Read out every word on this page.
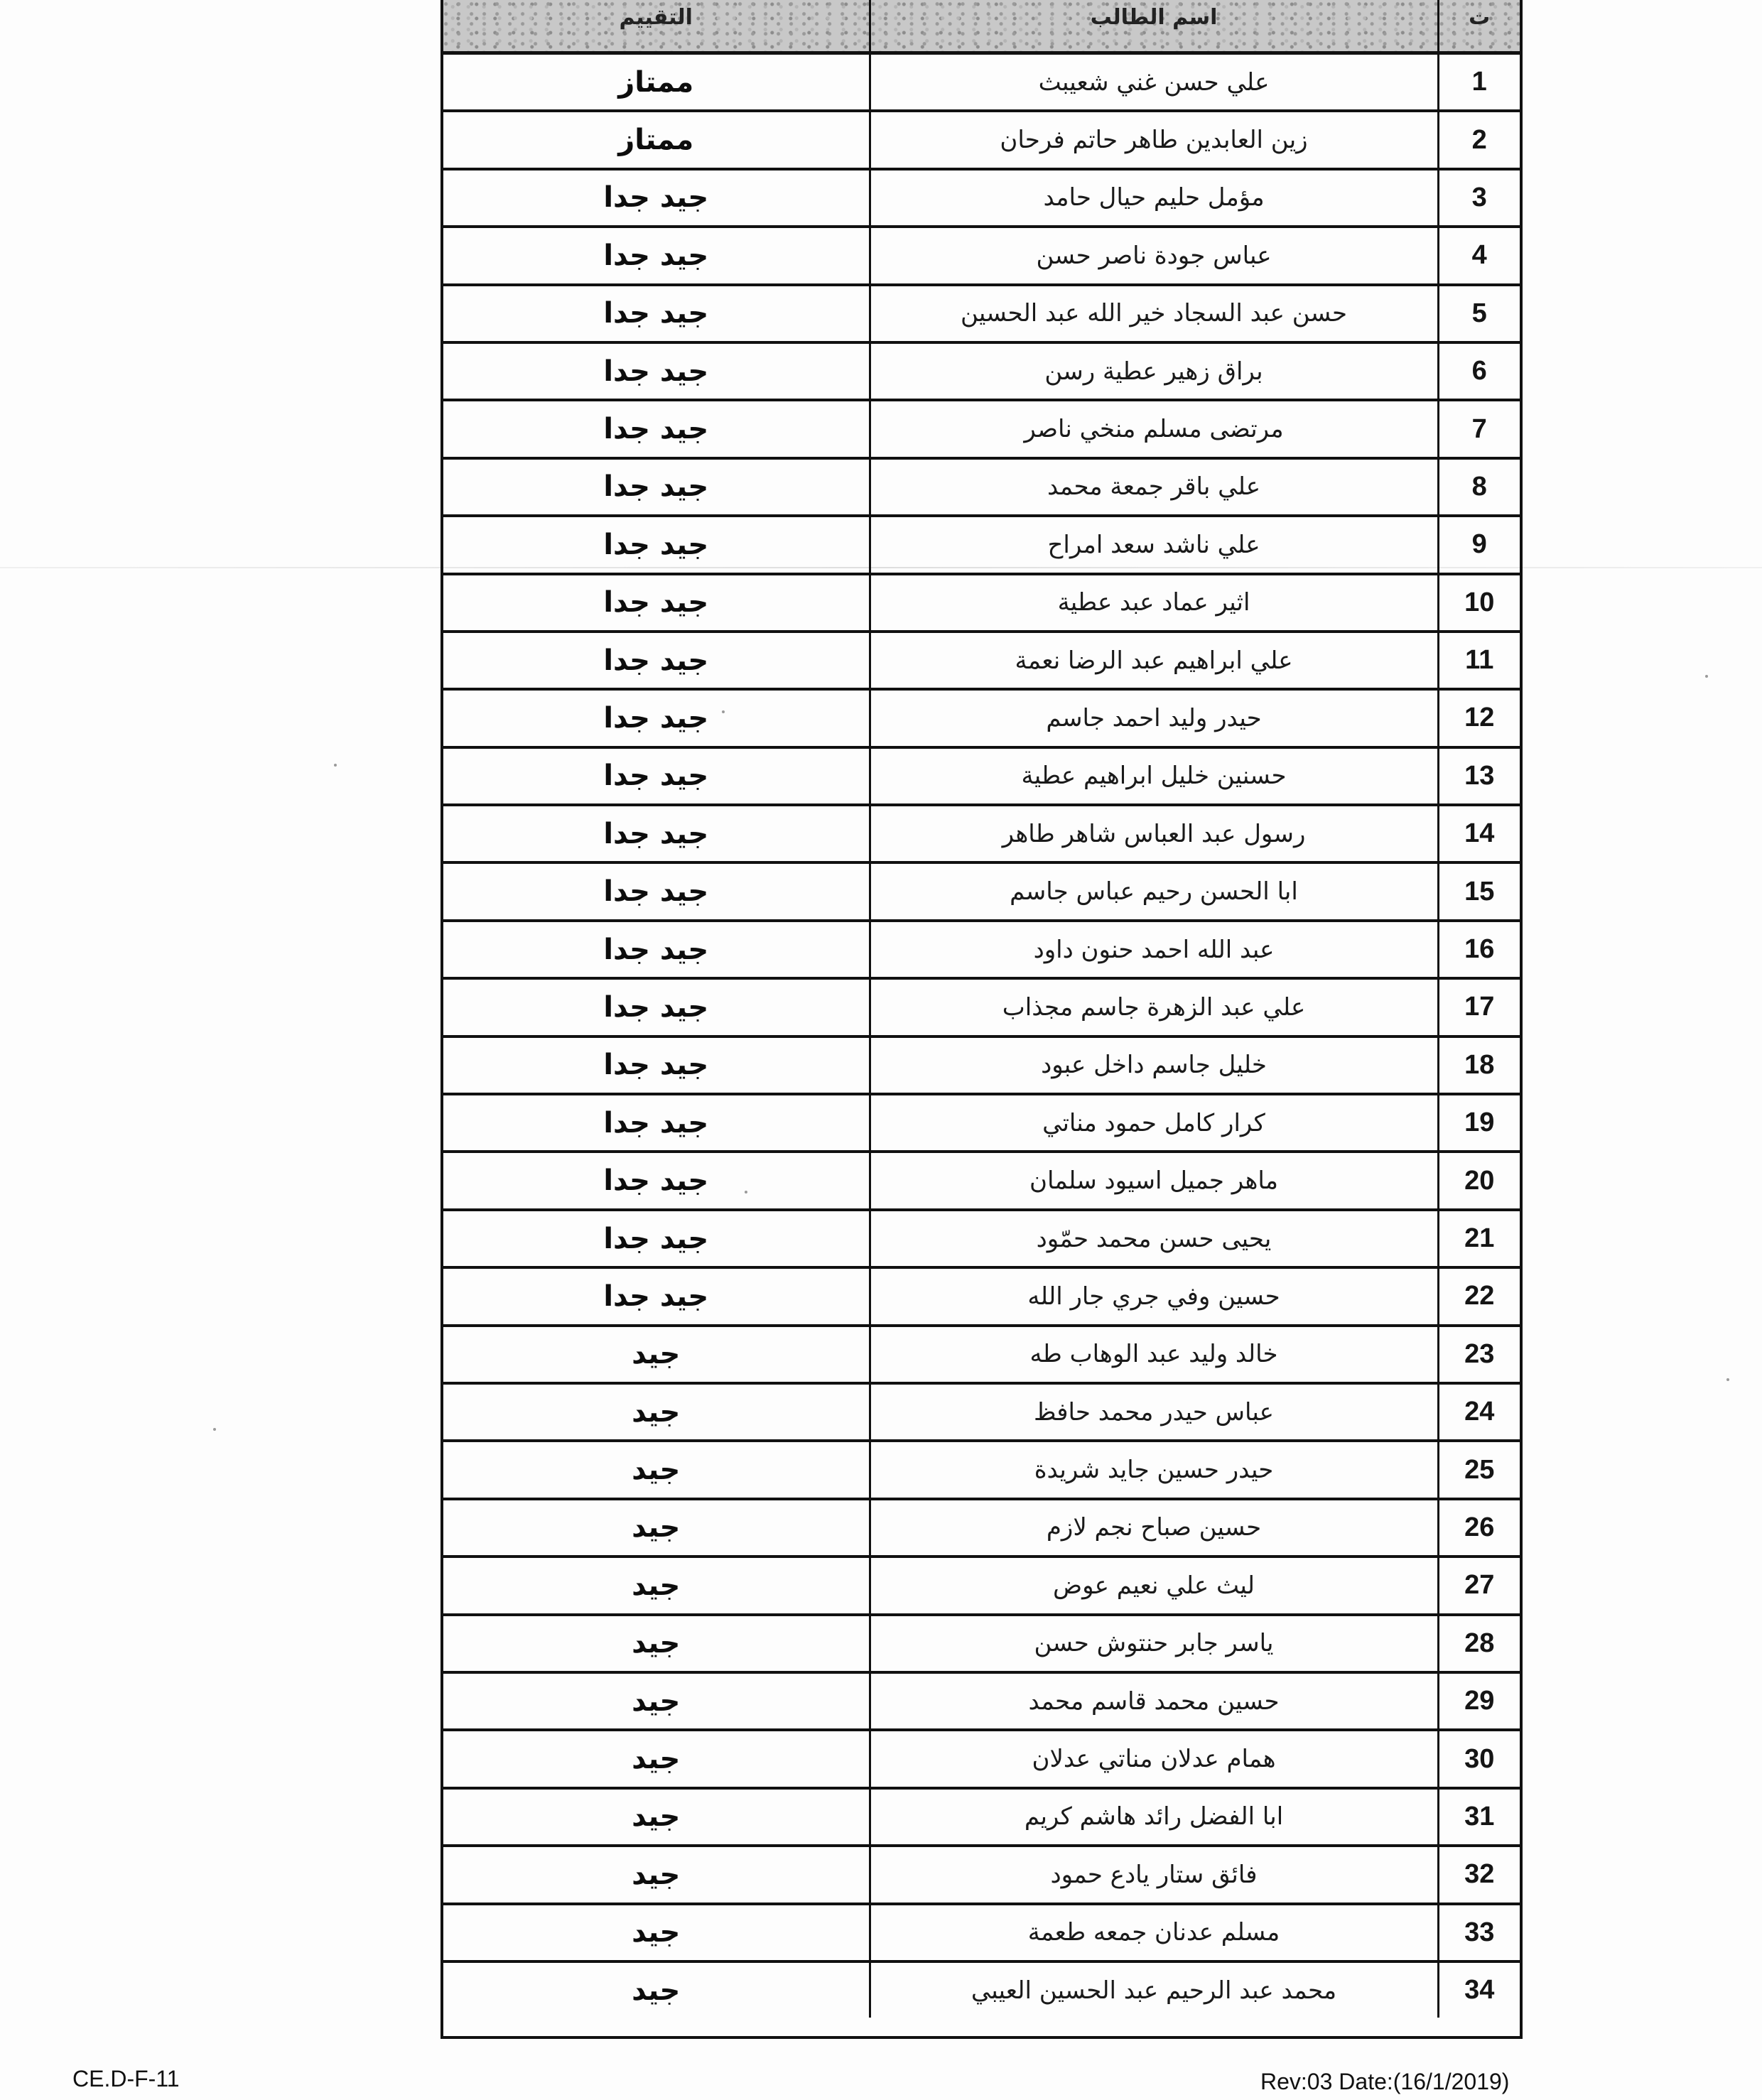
ت	اسم الطالب	التقييم
1	علي حسن غني شعيبث	ممتاز
2	زين العابدين طاهر حاتم فرحان	ممتاز
3	مؤمل حليم حيال حامد	جيد جدا
4	عباس جودة ناصر حسن	جيد جدا
5	حسن عبد السجاد خير الله عبد الحسين	جيد جدا
6	براق زهير عطية رسن	جيد جدا
7	مرتضى مسلم منخي ناصر	جيد جدا
8	علي باقر جمعة محمد	جيد جدا
9	علي ناشد سعد امراح	جيد جدا
10	اثير عماد عبد عطية	جيد جدا
11	علي ابراهيم عبد الرضا نعمة	جيد جدا
12	حيدر وليد احمد جاسم	جيد جدا
13	حسنين خليل ابراهيم عطية	جيد جدا
14	رسول عبد العباس شاهر طاهر	جيد جدا
15	ابا الحسن رحيم عباس جاسم	جيد جدا
16	عبد الله احمد حنون داود	جيد جدا
17	علي عبد الزهرة جاسم مجذاب	جيد جدا
18	خليل جاسم داخل عبود	جيد جدا
19	كرار كامل حمود مناتي	جيد جدا
20	ماهر جميل اسيود سلمان	جيد جدا
21	يحيى حسن محمد حمّود	جيد جدا
22	حسين وفي جري جار الله	جيد جدا
23	خالد وليد عبد الوهاب طه	جيد
24	عباس حيدر محمد حافظ	جيد
25	حيدر حسين جايد شريدة	جيد
26	حسين صباح نجم لازم	جيد
27	ليث علي نعيم عوض	جيد
28	ياسر جابر حنتوش حسن	جيد
29	حسين محمد قاسم محمد	جيد
30	همام عدلان مناتي عدلان	جيد
31	ابا الفضل رائد هاشم كريم	جيد
32	فائق ستار يادع حمود	جيد
33	مسلم عدنان جمعه طعمة	جيد
34	محمد عبد الرحيم عبد الحسين العيبي	جيد
CE.D-F-11	Rev:03 Date:(16/1/2019)
